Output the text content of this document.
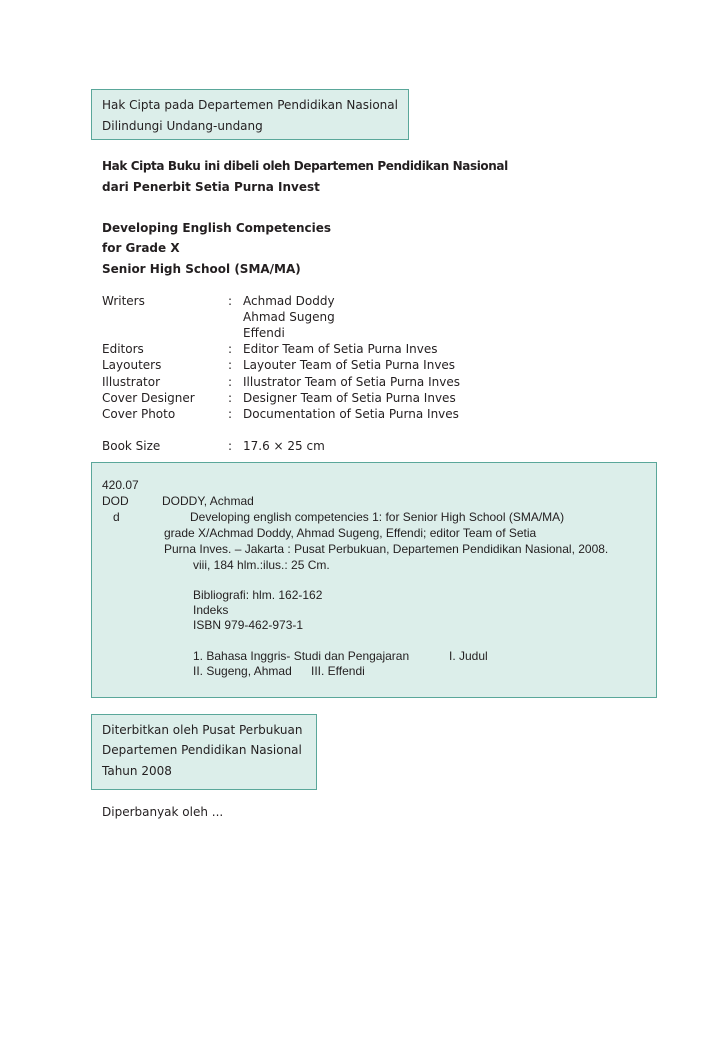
Hak Cipta pada Departemen Pendidikan Nasional
Dilindungi Undang-undang
Hak Cipta Buku ini dibeli oleh Departemen Pendidikan Nasional
dari Penerbit Setia Purna Invest
Developing English Competencies
for Grade X
Senior High School (SMA/MA)
Writers	: Achmad Doddy
Ahmad Sugeng
Effendi
Editors	: Editor Team of Setia Purna Inves
Layouters	: Layouter Team of Setia Purna Inves
Illustrator	: Illustrator Team of Setia Purna Inves
Cover Designer	: Designer Team of Setia Purna Inves
Cover Photo	: Documentation of Setia Purna Inves
Book Size	: 17.6 × 25 cm
420.07
DOD	DODDY, Achmad
d	Developing english competencies 1: for Senior High School (SMA/MA)
grade X/Achmad Doddy, Ahmad Sugeng, Effendi; editor Team of Setia
Purna Inves. – Jakarta : Pusat Perbukuan, Departemen Pendidikan Nasional, 2008.
viii, 184 hlm.:ilus.: 25 Cm.
Bibliografi: hlm. 162-162
Indeks
ISBN 979-462-973-1
1. Bahasa Inggris- Studi dan Pengajaran	I. Judul
II. Sugeng, Ahmad III. Effendi
Diterbitkan oleh Pusat Perbukuan
Departemen Pendidikan Nasional
Tahun 2008
Diperbanyak oleh ...
